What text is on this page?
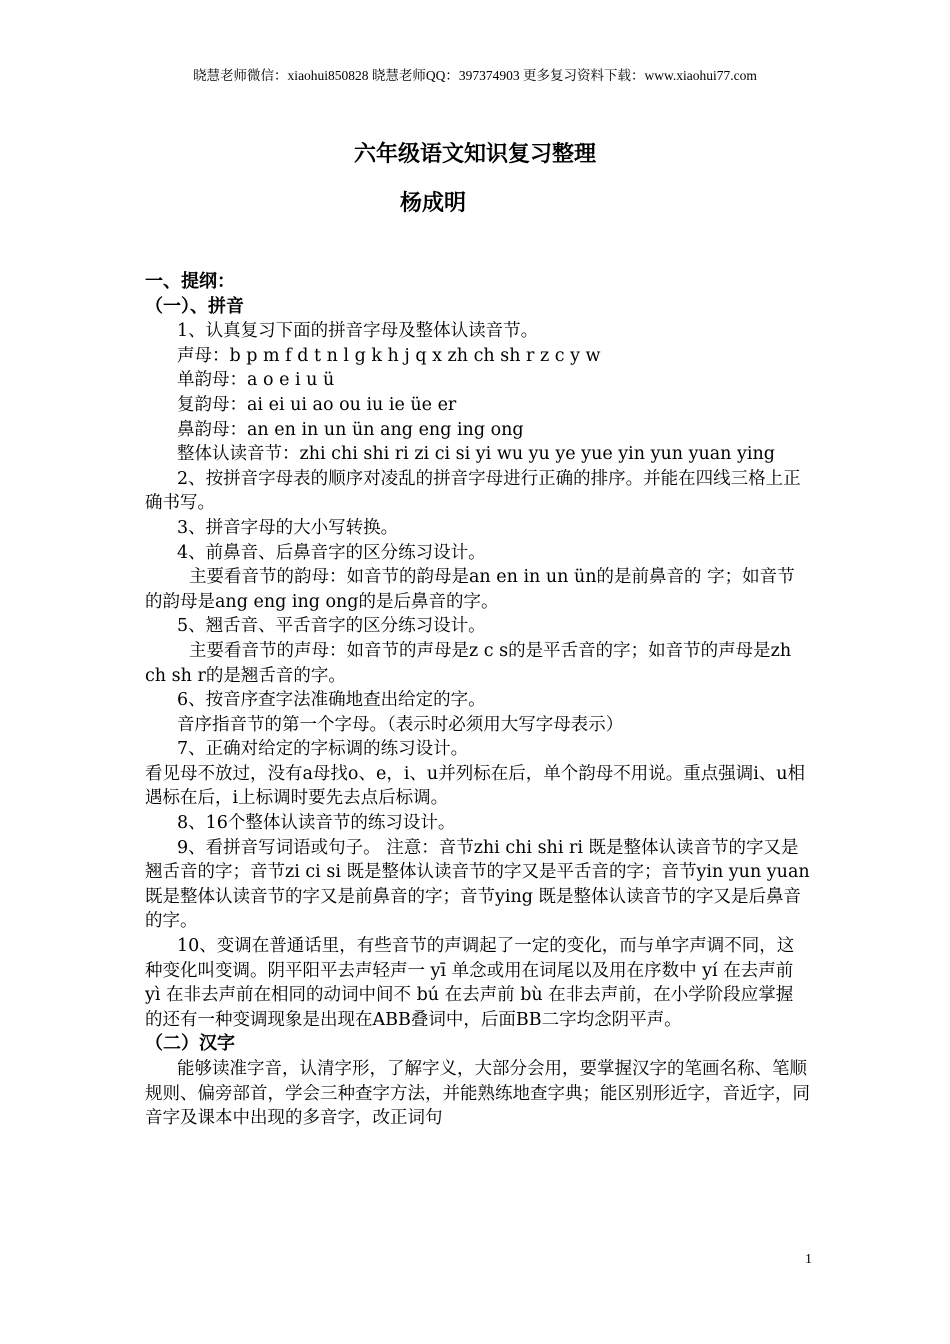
晓慧老师微信：xiaohui850828 晓慧老师QQ：397374903 更多复习资料下载：www.xiaohui77.com
六年级语文知识复习整理
杨成明

一、提纲：

（一）、拼音

1、认真复习下面的拼音字母及整体认读音节。

声母：b p m f d t n l g k h j q x zh ch sh r z c y w

单韵母：a o e i u ü

复韵母：ai ei ui ao ou iu ie üe er

鼻韵母：an en in un ün ang eng ing ong

整体认读音节：zhi chi shi ri zi ci si yi wu yu ye yue yin yun yuan ying

2、按拼音字母表的顺序对凌乱的拼音字母进行正确的排序。并能在四线三格上正确书写。

3、拼音字母的大小写转换。

4、前鼻音、后鼻音字的区分练习设计。

主要看音节的韵母：如音节的韵母是an en in un ün的是前鼻音的 字；如音节的韵母是ang eng ing ong的是后鼻音的字。

5、翘舌音、平舌音字的区分练习设计。

主要看音节的声母：如音节的声母是z c s的是平舌音的字；如音节的声母是zh ch sh r的是翘舌音的字。

6、按音序查字法准确地查出给定的字。

音序指音节的第一个字母。（表示时必须用大写字母表示）

7、正确对给定的字标调的练习设计。

看见母不放过，没有a母找o、e，i、u并列标在后，单个韵母不用说。重点强调i、u相遇标在后，i上标调时要先去点后标调。

8、16个整体认读音节的练习设计。

9、看拼音写词语或句子。 注意：音节zhi chi shi ri 既是整体认读音节的字又是翘舌音的字；音节zi ci si 既是整体认读音节的字又是平舌音的字；音节yin yun yuan 既是整体认读音节的字又是前鼻音的字；音节ying 既是整体认读音节的字又是后鼻音的字。

10、变调在普通话里，有些音节的声调起了一定的变化，而与单字声调不同，这种变化叫变调。阴平阳平去声轻声一 yī 单念或用在词尾以及用在序数中 yí 在去声前 yì 在非去声前在相同的动词中间不 bú 在去声前 bù 在非去声前，在小学阶段应掌握的还有一种变调现象是出现在ABB叠词中，后面BB二字均念阴平声。

（二）汉字

能够读准字音，认清字形，了解字义，大部分会用，要掌握汉字的笔画名称、笔顺规则、偏旁部首，学会三种查字方法，并能熟练地查字典；能区别形近字，音近字，同音字及课本中出现的多音字，改正词句

1
